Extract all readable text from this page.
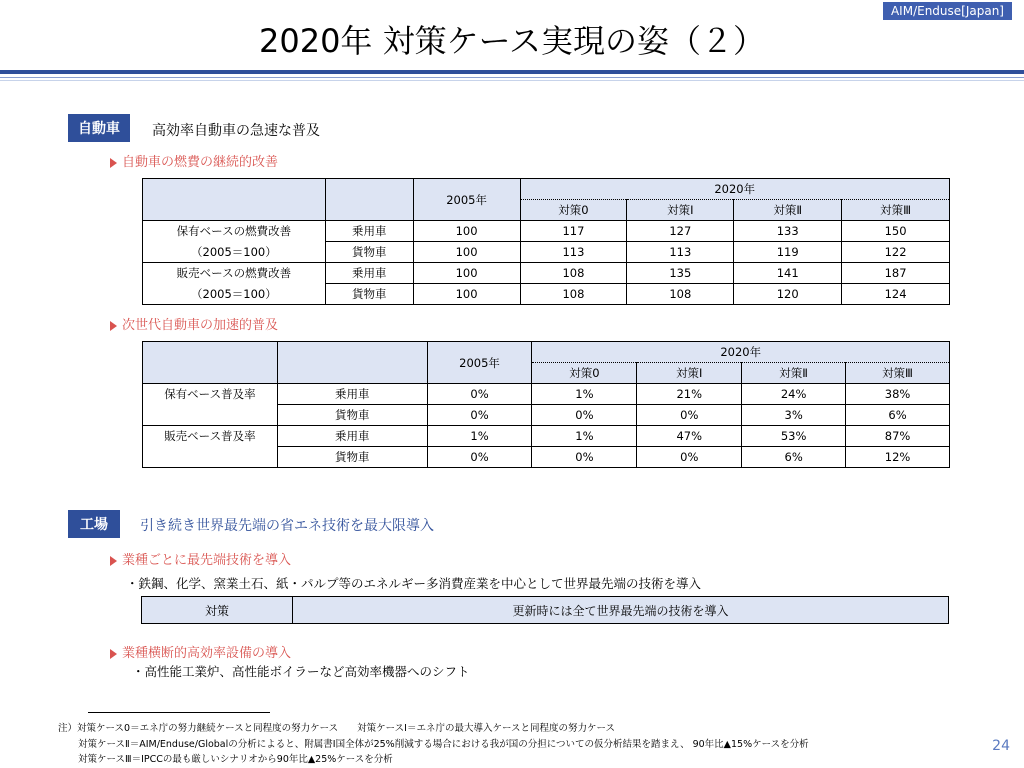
AIM/Enduse[Japan]
2020年 対策ケース実現の姿（２）
自動車	高効率自動車の急速な普及
自動車の燃費の継続的改善
		2005年	2020年			
			対策0	対策Ⅰ	対策Ⅱ	対策Ⅲ
保有ベースの燃費改善	乗用車	100	117	127	133	150
（2005＝100）	貨物車	100	113	113	119	122
販売ベースの燃費改善	乗用車	100	108	135	141	187
（2005＝100）	貨物車	100	108	108	120	124
次世代自動車の加速的普及
		2005年	2020年			
			対策0	対策Ⅰ	対策Ⅱ	対策Ⅲ
保有ベース普及率	乗用車	0%	1%	21%	24%	38%
	貨物車	0%	0%	0%	3%	6%
販売ベース普及率	乗用車	1%	1%	47%	53%	87%
	貨物車	0%	0%	0%	6%	12%
工場	引き続き世界最先端の省エネ技術を最大限導入
業種ごとに最先端技術を導入
・鉄鋼、化学、窯業土石、紙・パルプ等のエネルギー多消費産業を中心として世界最先端の技術を導入
対策	更新時には全て世界最先端の技術を導入
業種横断的高効率設備の導入
・高性能工業炉、高性能ボイラーなど高効率機器へのシフト
注）対策ケース0＝エネ庁の努力継続ケースと同程度の努力ケース　　対策ケースⅠ＝エネ庁の最大導入ケースと同程度の努力ケース
対策ケースⅡ＝AIM/Enduse/Globalの分析によると、附属書Ⅰ国全体が25%削減する場合における我が国の分担についての仮分析結果を踏まえ、 90年比▲15%ケースを分析
対策ケースⅢ＝IPCCの最も厳しいシナリオから90年比▲25%ケースを分析
24
